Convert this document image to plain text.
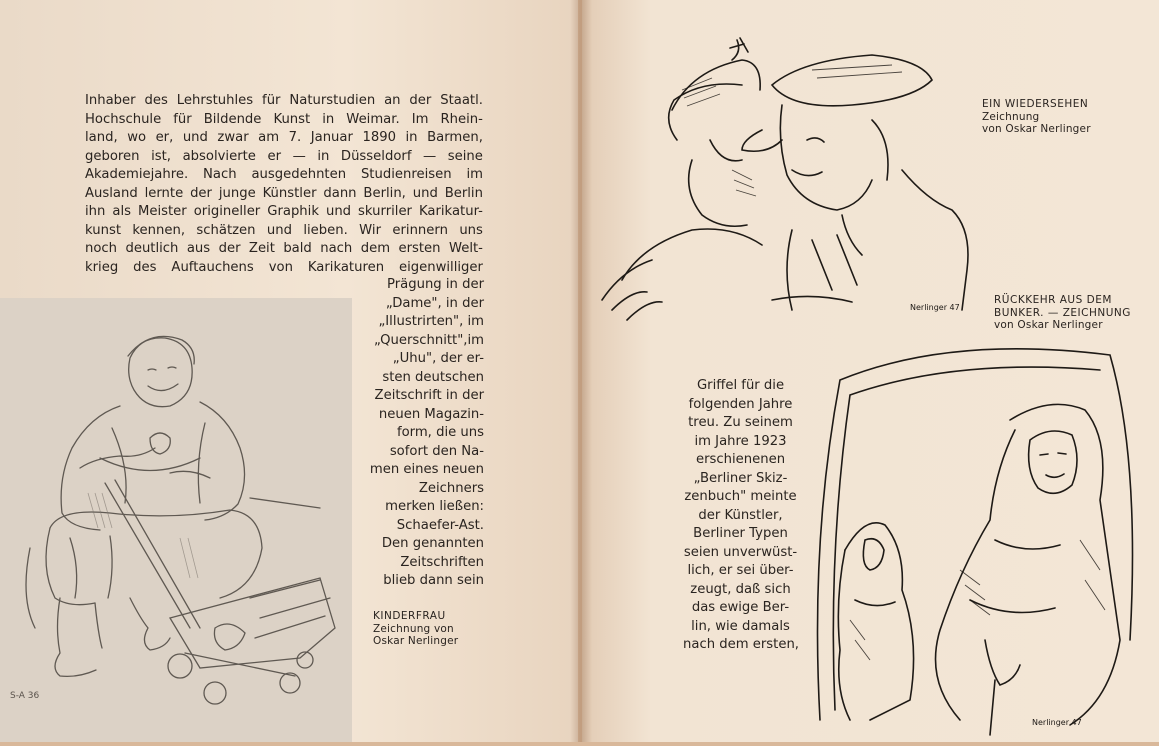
Inhaber des Lehrstuhles für Naturstudien an der Staatl.
Hochschule für Bildende Kunst in Weimar. Im Rhein-
land, wo er, und zwar am 7. Januar 1890 in Barmen,
geboren ist, absolvierte er — in Düsseldorf — seine
Akademiejahre. Nach ausgedehnten Studienreisen im
Ausland lernte der junge Künstler dann Berlin, und Berlin
ihn als Meister origineller Graphik und skurriler Karikatur-
kunst kennen, schätzen und lieben. Wir erinnern uns
noch deutlich aus der Zeit bald nach dem ersten Welt-
krieg des Auftauchens von Karikaturen eigenwilliger
Prägung in der
„Dame", in der
„Illustrirten", im
„Querschnitt",im
„Uhu", der er-
sten deutschen
Zeitschrift in der
neuen Magazin-
form, die uns
sofort den Na-
men eines neuen
Zeichners
merken ließen:
Schaefer-Ast.
Den genannten
Zeitschriften
blieb dann sein
S-A 36
KINDERFRAU
Zeichnung von
Oskar Nerlinger
Nerlinger 47
EIN WIEDERSEHEN
Zeichnung
von Oskar Nerlinger
RÜCKKEHR AUS DEM
BUNKER. — ZEICHNUNG
von Oskar Nerlinger
Nerlinger 47
Griffel für die
folgenden Jahre
treu. Zu seinem
im Jahre 1923
erschienenen
„Berliner Skiz-
zenbuch" meinte
der Künstler,
Berliner Typen
seien unverwüst-
lich, er sei über-
zeugt, daß sich
das ewige Ber-
lin, wie damals
nach dem ersten,
